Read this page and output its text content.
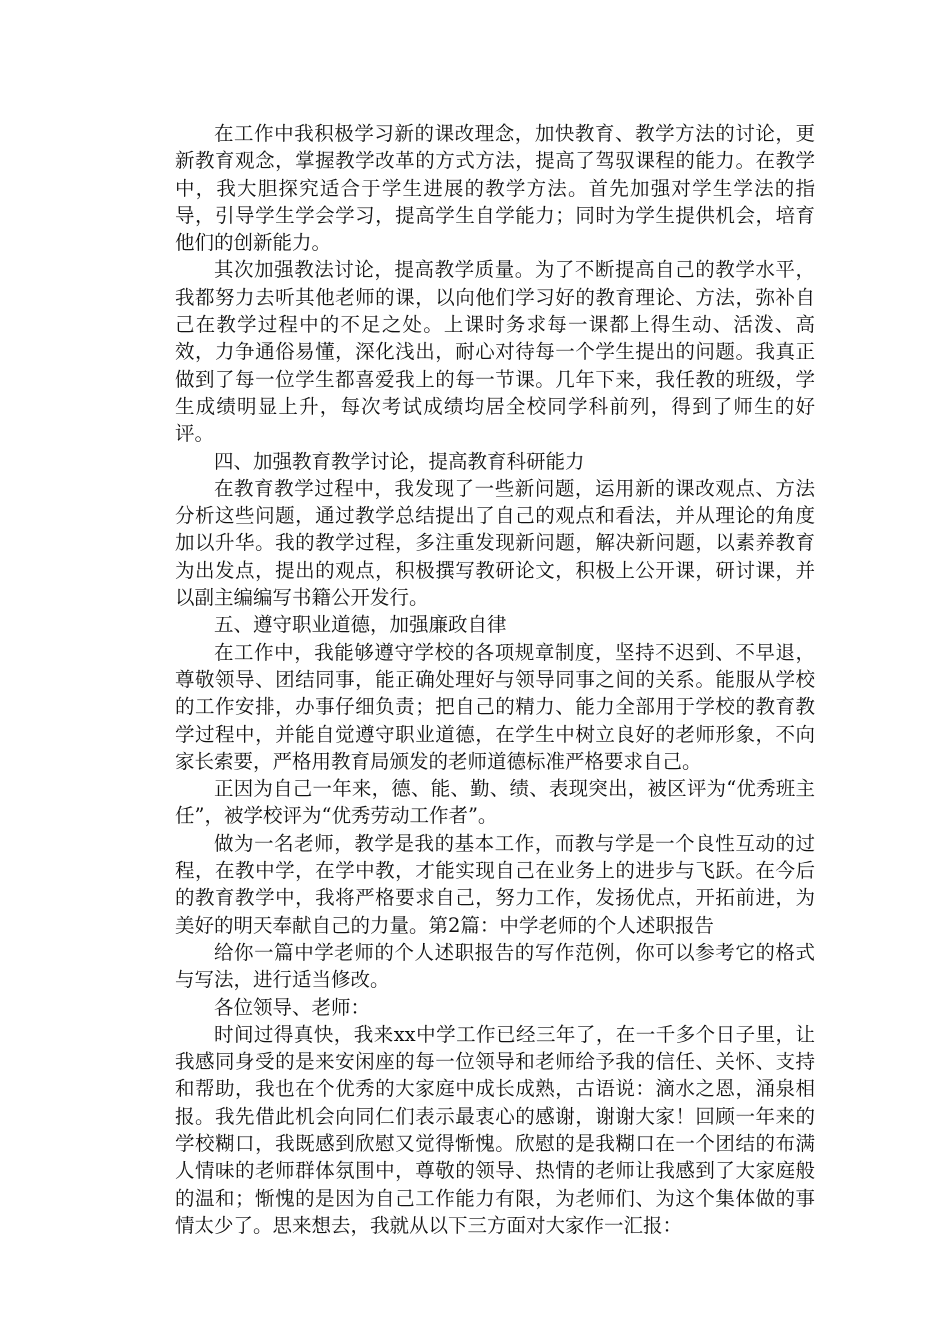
在工作中我积极学习新的课改理念，加快教育、教学方法的讨论，更新教育观念，掌握教学改革的方式方法，提高了驾驭课程的能力。在教学中，我大胆探究适合于学生进展的教学方法。首先加强对学生学法的指导，引导学生学会学习，提高学生自学能力；同时为学生提供机会，培育他们的创新能力。

其次加强教法讨论，提高教学质量。为了不断提高自己的教学水平，我都努力去听其他老师的课，以向他们学习好的教育理论、方法，弥补自己在教学过程中的不足之处。上课时务求每一课都上得生动、活泼、高效，力争通俗易懂，深化浅出，耐心对待每一个学生提出的问题。我真正做到了每一位学生都喜爱我上的每一节课。几年下来，我任教的班级，学生成绩明显上升，每次考试成绩均居全校同学科前列，得到了师生的好评。

四、加强教育教学讨论，提高教育科研能力

在教育教学过程中，我发现了一些新问题，运用新的课改观点、方法分析这些问题，通过教学总结提出了自己的观点和看法，并从理论的角度加以升华。我的教学过程，多注重发现新问题，解决新问题，以素养教育为出发点，提出的观点，积极撰写教研论文，积极上公开课，研讨课，并以副主编编写书籍公开发行。

五、遵守职业道德，加强廉政自律

在工作中，我能够遵守学校的各项规章制度，坚持不迟到、不早退，尊敬领导、团结同事，能正确处理好与领导同事之间的关系。能服从学校的工作安排，办事仔细负责；把自己的精力、能力全部用于学校的教育教学过程中，并能自觉遵守职业道德，在学生中树立良好的老师形象，不向家长索要，严格用教育局颁发的老师道德标准严格要求自己。

正因为自己一年来，德、能、勤、绩、表现突出，被区评为“优秀班主任”，被学校评为“优秀劳动工作者”。

做为一名老师，教学是我的基本工作，而教与学是一个良性互动的过程，在教中学，在学中教，才能实现自己在业务上的进步与飞跃。在今后的教育教学中，我将严格要求自己，努力工作，发扬优点，开拓前进，为美好的明天奉献自己的力量。第2篇：中学老师的个人述职报告

给你一篇中学老师的个人述职报告的写作范例，你可以参考它的格式与写法，进行适当修改。

各位领导、老师：

时间过得真快，我来xx中学工作已经三年了，在一千多个日子里，让我感同身受的是来安闲座的每一位领导和老师给予我的信任、关怀、支持和帮助，我也在个优秀的大家庭中成长成熟，古语说：滴水之恩，涌泉相报。我先借此机会向同仁们表示最衷心的感谢，谢谢大家！回顾一年来的学校糊口，我既感到欣慰又觉得惭愧。欣慰的是我糊口在一个团结的布满人情味的老师群体氛围中，尊敬的领导、热情的老师让我感到了大家庭般的温和；惭愧的是因为自己工作能力有限，为老师们、为这个集体做的事情太少了。思来想去，我就从以下三方面对大家作一汇报：
